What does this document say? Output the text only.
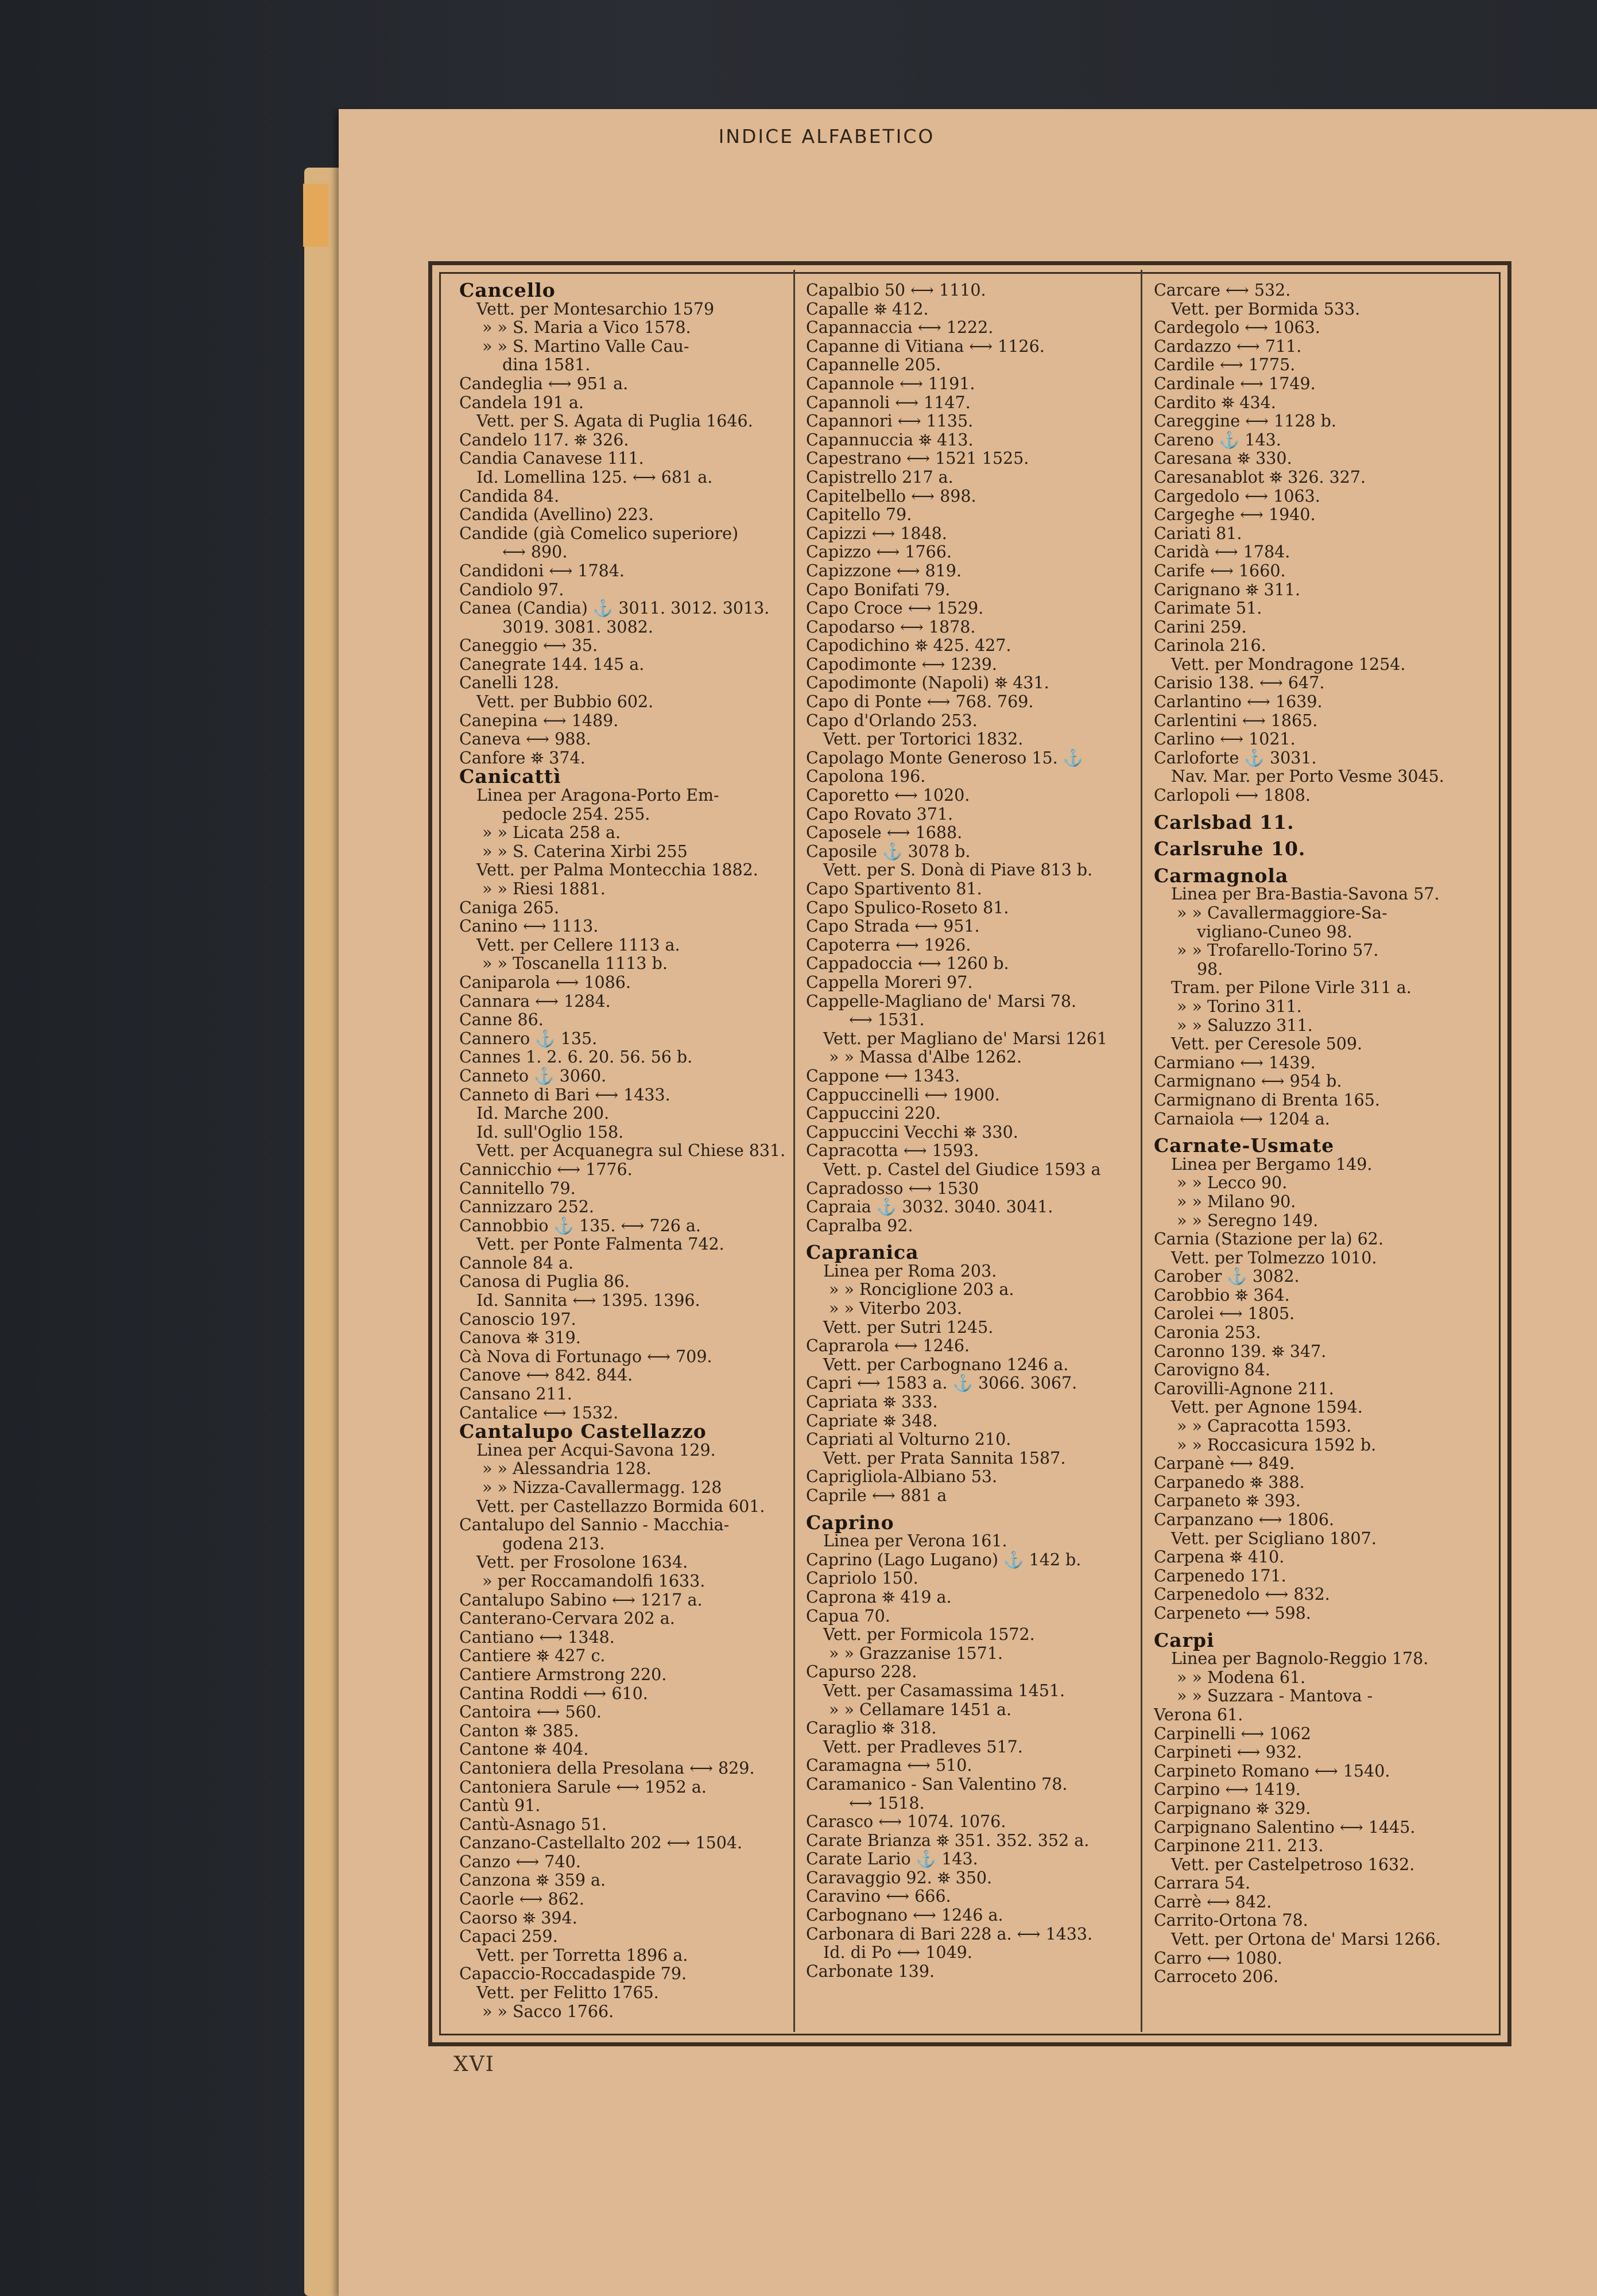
INDICE ALFABETICO
Cancello
Vett. per Montesarchio 1579
» » S. Maria a Vico 1578.
» » S. Martino Valle Cau-
dina 1581.
Candeglia ⟷ 951 a.
Candela 191 a.
Vett. per S. Agata di Puglia 1646.
Candelo 117. ⛯ 326.
Candia Canavese 111.
Id. Lomellina 125. ⟷ 681 a.
Candida 84.
Candida (Avellino) 223.
Candide (già Comelico superiore)
⟷ 890.
Candidoni ⟷ 1784.
Candiolo 97.
Canea (Candia) ⚓ 3011. 3012. 3013.
3019. 3081. 3082.
Caneggio ⟷ 35.
Canegrate 144. 145 a.
Canelli 128.
Vett. per Bubbio 602.
Canepina ⟷ 1489.
Caneva ⟷ 988.
Canfore ⛯ 374.
Canicattì
Linea per Aragona-Porto Em-
pedocle 254. 255.
» » Licata 258 a.
» » S. Caterina Xirbi 255
Vett. per Palma Montecchia 1882.
» » Riesi 1881.
Caniga 265.
Canino ⟷ 1113.
Vett. per Cellere 1113 a.
» » Toscanella 1113 b.
Caniparola ⟷ 1086.
Cannara ⟷ 1284.
Canne 86.
Cannero ⚓ 135.
Cannes 1. 2. 6. 20. 56. 56 b.
Canneto ⚓ 3060.
Canneto di Bari ⟷ 1433.
Id. Marche 200.
Id. sull'Oglio 158.
Vett. per Acquanegra sul Chiese 831.
Cannicchio ⟷ 1776.
Cannitello 79.
Cannizzaro 252.
Cannobbio ⚓ 135. ⟷ 726 a.
Vett. per Ponte Falmenta 742.
Cannole 84 a.
Canosa di Puglia 86.
Id. Sannita ⟷ 1395. 1396.
Canoscio 197.
Canova ⛯ 319.
Cà Nova di Fortunago ⟷ 709.
Canove ⟷ 842. 844.
Cansano 211.
Cantalice ⟷ 1532.
Cantalupo Castellazzo
Linea per Acqui-Savona 129.
» » Alessandria 128.
» » Nizza-Cavallermagg. 128
Vett. per Castellazzo Bormida 601.
Cantalupo del Sannio - Macchia-
godena 213.
Vett. per Frosolone 1634.
» per Roccamandolfi 1633.
Cantalupo Sabino ⟷ 1217 a.
Canterano-Cervara 202 a.
Cantiano ⟷ 1348.
Cantiere ⛯ 427 c.
Cantiere Armstrong 220.
Cantina Roddi ⟷ 610.
Cantoira ⟷ 560.
Canton ⛯ 385.
Cantone ⛯ 404.
Cantoniera della Presolana ⟷ 829.
Cantoniera Sarule ⟷ 1952 a.
Cantù 91.
Cantù-Asnago 51.
Canzano-Castellalto 202 ⟷ 1504.
Canzo ⟷ 740.
Canzona ⛯ 359 a.
Caorle ⟷ 862.
Caorso ⛯ 394.
Capaci 259.
Vett. per Torretta 1896 a.
Capaccio-Roccadaspide 79.
Vett. per Felitto 1765.
» » Sacco 1766.
Capalbio 50 ⟷ 1110.
Capalle ⛯ 412.
Capannaccia ⟷ 1222.
Capanne di Vitiana ⟷ 1126.
Capannelle 205.
Capannole ⟷ 1191.
Capannoli ⟷ 1147.
Capannori ⟷ 1135.
Capannuccia ⛯ 413.
Capestrano ⟷ 1521 1525.
Capistrello 217 a.
Capitelbello ⟷ 898.
Capitello 79.
Capizzi ⟷ 1848.
Capizzo ⟷ 1766.
Capizzone ⟷ 819.
Capo Bonifati 79.
Capo Croce ⟷ 1529.
Capodarso ⟷ 1878.
Capodichino ⛯ 425. 427.
Capodimonte ⟷ 1239.
Capodimonte (Napoli) ⛯ 431.
Capo di Ponte ⟷ 768. 769.
Capo d'Orlando 253.
Vett. per Tortorici 1832.
Capolago Monte Generoso 15. ⚓
Capolona 196.
Caporetto ⟷ 1020.
Capo Rovato 371.
Caposele ⟷ 1688.
Caposile ⚓ 3078 b.
Vett. per S. Donà di Piave 813 b.
Capo Spartivento 81.
Capo Spulico-Roseto 81.
Capo Strada ⟷ 951.
Capoterra ⟷ 1926.
Cappadoccia ⟷ 1260 b.
Cappella Moreri 97.
Cappelle-Magliano de' Marsi 78.
⟷ 1531.
Vett. per Magliano de' Marsi 1261
» » Massa d'Albe 1262.
Cappone ⟷ 1343.
Cappuccinelli ⟷ 1900.
Cappuccini 220.
Cappuccini Vecchi ⛯ 330.
Capracotta ⟷ 1593.
Vett. p. Castel del Giudice 1593 a
Capradosso ⟷ 1530
Capraia ⚓ 3032. 3040. 3041.
Capralba 92.
Capranica
Linea per Roma 203.
» » Ronciglione 203 a.
» » Viterbo 203.
Vett. per Sutri 1245.
Caprarola ⟷ 1246.
Vett. per Carbognano 1246 a.
Capri ⟷ 1583 a. ⚓ 3066. 3067.
Capriata ⛯ 333.
Capriate ⛯ 348.
Capriati al Volturno 210.
Vett. per Prata Sannita 1587.
Caprigliola-Albiano 53.
Caprile ⟷ 881 a
Caprino
Linea per Verona 161.
Caprino (Lago Lugano) ⚓ 142 b.
Capriolo 150.
Caprona ⛯ 419 a.
Capua 70.
Vett. per Formicola 1572.
» » Grazzanise 1571.
Capurso 228.
Vett. per Casamassima 1451.
» » Cellamare 1451 a.
Caraglio ⛯ 318.
Vett. per Pradleves 517.
Caramagna ⟷ 510.
Caramanico - San Valentino 78.
⟷ 1518.
Carasco ⟷ 1074. 1076.
Carate Brianza ⛯ 351. 352. 352 a.
Carate Lario ⚓ 143.
Caravaggio 92. ⛯ 350.
Caravino ⟷ 666.
Carbognano ⟷ 1246 a.
Carbonara di Bari 228 a. ⟷ 1433.
Id. di Po ⟷ 1049.
Carbonate 139.
Carcare ⟷ 532.
Vett. per Bormida 533.
Cardegolo ⟷ 1063.
Cardazzo ⟷ 711.
Cardile ⟷ 1775.
Cardinale ⟷ 1749.
Cardito ⛯ 434.
Careggine ⟷ 1128 b.
Careno ⚓ 143.
Caresana ⛯ 330.
Caresanablot ⛯ 326. 327.
Cargedolo ⟷ 1063.
Cargeghe ⟷ 1940.
Cariati 81.
Caridà ⟷ 1784.
Carife ⟷ 1660.
Carignano ⛯ 311.
Carimate 51.
Carini 259.
Carinola 216.
Vett. per Mondragone 1254.
Carisio 138. ⟷ 647.
Carlantino ⟷ 1639.
Carlentini ⟷ 1865.
Carlino ⟷ 1021.
Carloforte ⚓ 3031.
Nav. Mar. per Porto Vesme 3045.
Carlopoli ⟷ 1808.
Carlsbad 11.
Carlsruhe 10.
Carmagnola
Linea per Bra-Bastia-Savona 57.
» » Cavallermaggiore-Sa-
vigliano-Cuneo 98.
» » Trofarello-Torino 57.
98.
Tram. per Pilone Virle 311 a.
» » Torino 311.
» » Saluzzo 311.
Vett. per Ceresole 509.
Carmiano ⟷ 1439.
Carmignano ⟷ 954 b.
Carmignano di Brenta 165.
Carnaiola ⟷ 1204 a.
Carnate-Usmate
Linea per Bergamo 149.
» » Lecco 90.
» » Milano 90.
» » Seregno 149.
Carnia (Stazione per la) 62.
Vett. per Tolmezzo 1010.
Carober ⚓ 3082.
Carobbio ⛯ 364.
Carolei ⟷ 1805.
Caronia 253.
Caronno 139. ⛯ 347.
Carovigno 84.
Carovilli-Agnone 211.
Vett. per Agnone 1594.
» » Capracotta 1593.
» » Roccasicura 1592 b.
Carpanè ⟷ 849.
Carpanedo ⛯ 388.
Carpaneto ⛯ 393.
Carpanzano ⟷ 1806.
Vett. per Scigliano 1807.
Carpena ⛯ 410.
Carpenedo 171.
Carpenedolo ⟷ 832.
Carpeneto ⟷ 598.
Carpi
Linea per Bagnolo-Reggio 178.
» » Modena 61.
» » Suzzara - Mantova -
Verona 61.
Carpinelli ⟷ 1062
Carpineti ⟷ 932.
Carpineto Romano ⟷ 1540.
Carpino ⟷ 1419.
Carpignano ⛯ 329.
Carpignano Salentino ⟷ 1445.
Carpinone 211. 213.
Vett. per Castelpetroso 1632.
Carrara 54.
Carrè ⟷ 842.
Carrito-Ortona 78.
Vett. per Ortona de' Marsi 1266.
Carro ⟷ 1080.
Carroceto 206.
XVI
